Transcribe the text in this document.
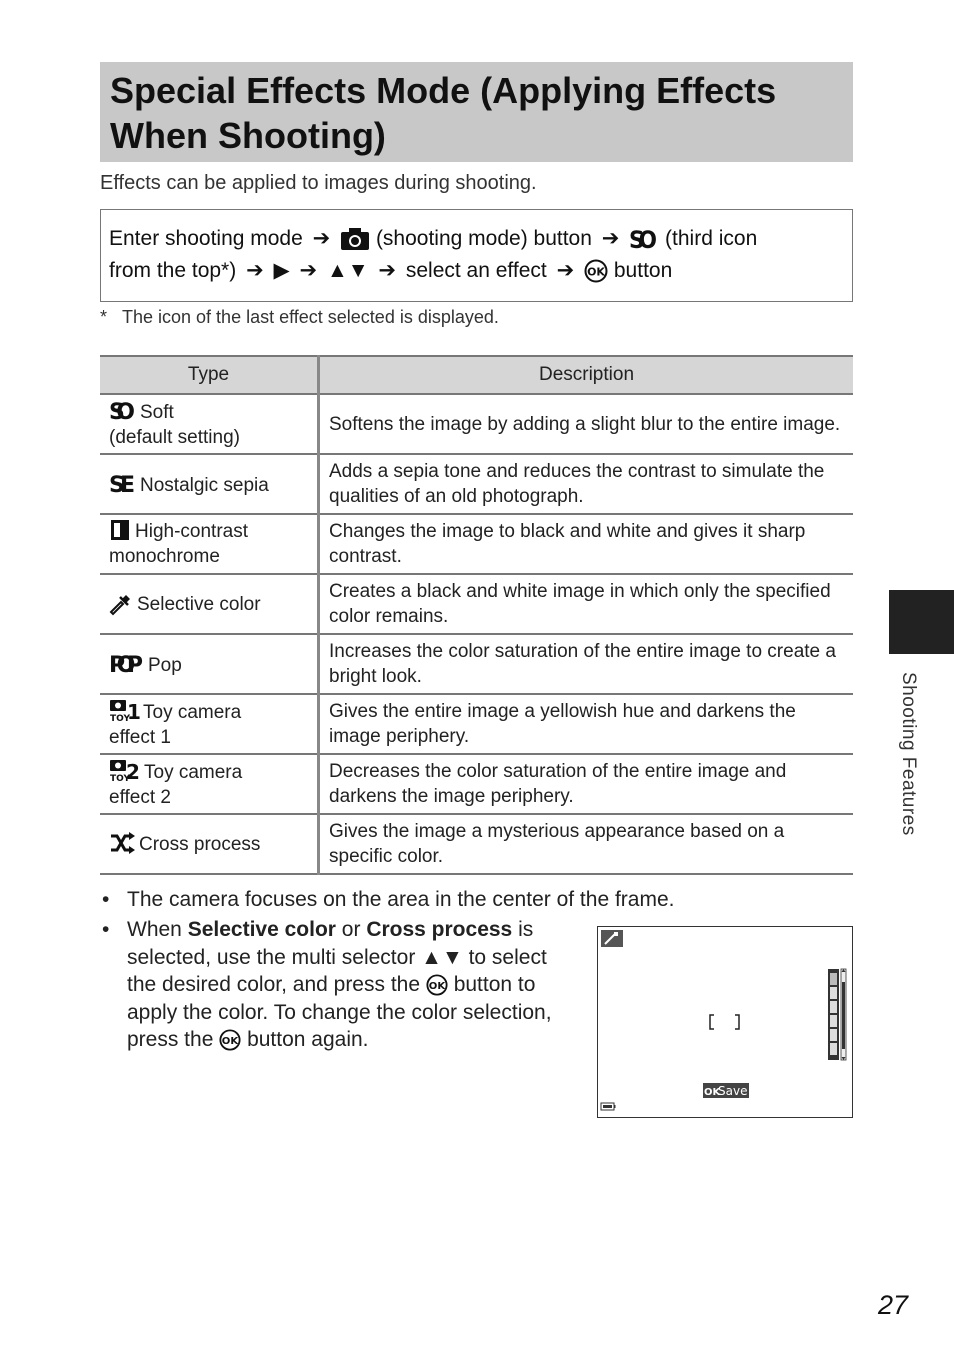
Special Effects Mode (Applying Effects
When Shooting)
Effects can be applied to images during shooting.
Enter shooting mode ➔ (shooting mode) button ➔ SO (third icon
from the top*) ➔ ▶ ➔ ▲▼ ➔ select an effect ➔ OK button
* The icon of the last effect selected is displayed.
Type	Description

SO Soft
(default setting)	Softens the image by adding a slight blur to the entire image.

SE Nostalgic sepia	Adds a sepia tone and reduces the contrast to simulate the qualities of an old photograph.
High-contrast
monochrome	Changes the image to black and white and gives it sharp contrast.
Selective color	Creates a black and white image in which only the specified color remains.

POP Pop	Increases the color saturation of the entire image to create a bright look.

TOY
1 Toy camera
effect 1	Gives the entire image a yellowish hue and darkens the image periphery.

TOY
2 Toy camera
effect 2	Decreases the color saturation of the entire image and darkens the image periphery.
Cross process	Gives the image a mysterious appearance based on a specific color.
• The camera focuses on the area in the center of the frame.
• When Selective color or Cross process is selected, use the multi selector ▲▼ to select the desired color, and press the OK button to apply the color. To change the color selection, press the OK button again.
OK
Save
Shooting Features
27
